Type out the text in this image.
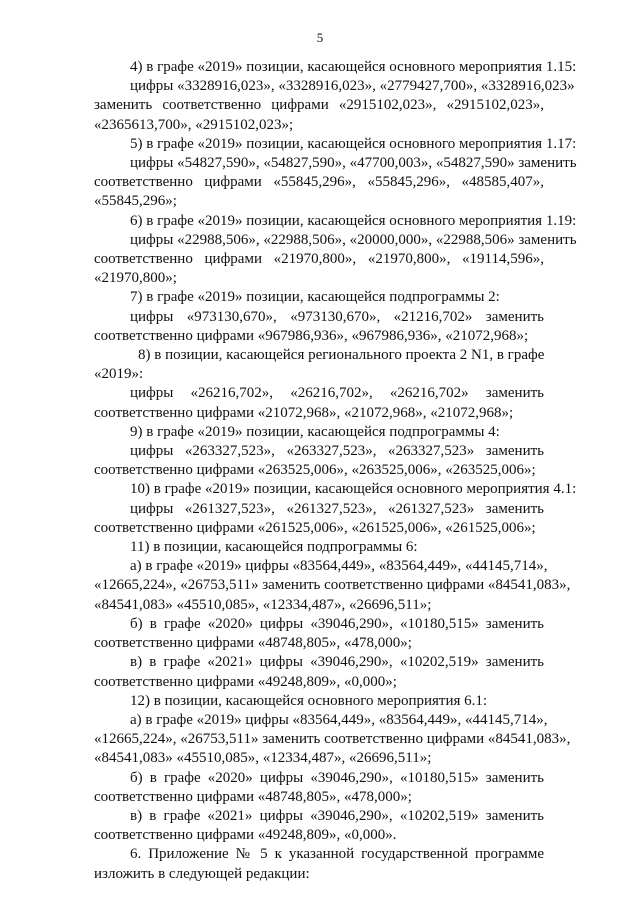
5
4) в графе «2019» позиции, касающейся основного мероприятия 1.15:
цифры «3328916,023», «3328916,023», «2779427,700», «3328916,023»
заменить соответственно цифрами «2915102,023», «2915102,023»,
«2365613,700», «2915102,023»;
5) в графе «2019» позиции, касающейся основного мероприятия 1.17:
цифры «54827,590», «54827,590», «47700,003», «54827,590» заменить
соответственно цифрами «55845,296», «55845,296», «48585,407»,
«55845,296»;
6) в графе «2019» позиции, касающейся основного мероприятия 1.19:
цифры «22988,506», «22988,506», «20000,000», «22988,506» заменить
соответственно цифрами «21970,800», «21970,800», «19114,596»,
«21970,800»;
7) в графе «2019» позиции, касающейся подпрограммы 2:
цифры «973130,670», «973130,670», «21216,702» заменить
соответственно цифрами «967986,936», «967986,936», «21072,968»;
8) в позиции, касающейся регионального проекта 2 N1, в графе
«2019»:
цифры «26216,702», «26216,702», «26216,702» заменить
соответственно цифрами «21072,968», «21072,968», «21072,968»;
9) в графе «2019» позиции, касающейся подпрограммы 4:
цифры «263327,523», «263327,523», «263327,523» заменить
соответственно цифрами «263525,006», «263525,006», «263525,006»;
10) в графе «2019» позиции, касающейся основного мероприятия 4.1:
цифры «261327,523», «261327,523», «261327,523» заменить
соответственно цифрами «261525,006», «261525,006», «261525,006»;
11) в позиции, касающейся подпрограммы 6:
а) в графе «2019» цифры «83564,449», «83564,449», «44145,714»,
«12665,224», «26753,511» заменить соответственно цифрами «84541,083»,
«84541,083» «45510,085», «12334,487», «26696,511»;
б) в графе «2020» цифры «39046,290», «10180,515» заменить
соответственно цифрами «48748,805», «478,000»;
в) в графе «2021» цифры «39046,290», «10202,519» заменить
соответственно цифрами «49248,809», «0,000»;
12) в позиции, касающейся основного мероприятия 6.1:
а) в графе «2019» цифры «83564,449», «83564,449», «44145,714»,
«12665,224», «26753,511» заменить соответственно цифрами «84541,083»,
«84541,083» «45510,085», «12334,487», «26696,511»;
б) в графе «2020» цифры «39046,290», «10180,515» заменить
соответственно цифрами «48748,805», «478,000»;
в) в графе «2021» цифры «39046,290», «10202,519» заменить
соответственно цифрами «49248,809», «0,000».
6. Приложение № 5 к указанной государственной программе
изложить в следующей редакции:
